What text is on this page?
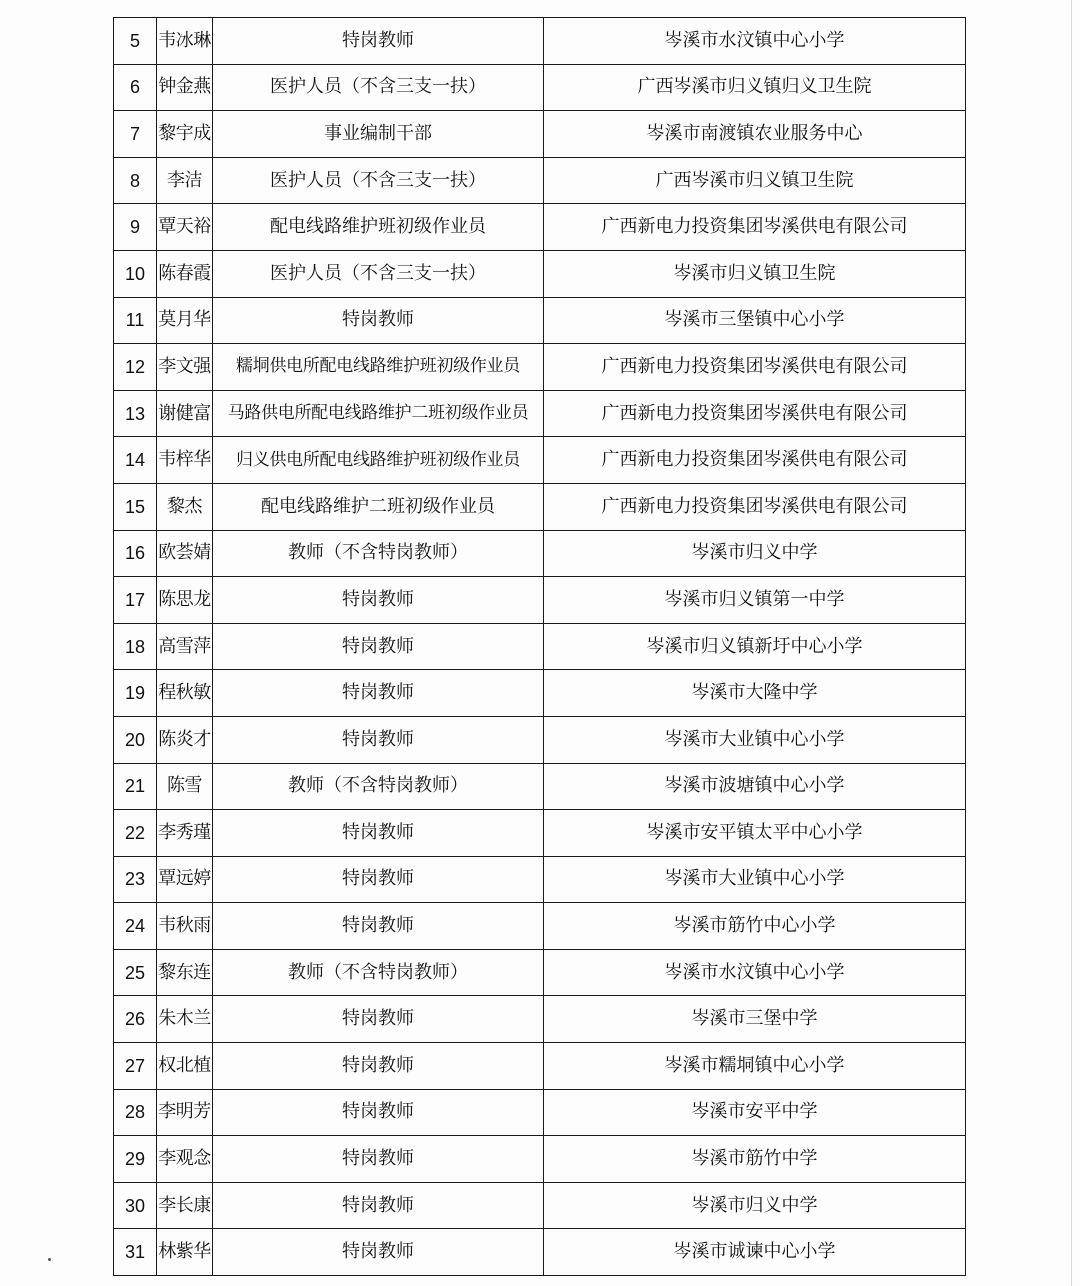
5	韦冰琳	特岗教师	岑溪市水汶镇中心小学
6	钟金燕	医护人员（不含三支一扶）	广西岑溪市归义镇归义卫生院
7	黎宇成	事业编制干部	岑溪市南渡镇农业服务中心
8	李洁	医护人员（不含三支一扶）	广西岑溪市归义镇卫生院
9	覃天裕	配电线路维护班初级作业员	广西新电力投资集团岑溪供电有限公司
10	陈春霞	医护人员（不含三支一扶）	岑溪市归义镇卫生院
11	莫月华	特岗教师	岑溪市三堡镇中心小学
12	李文强	糯垌供电所配电线路维护班初级作业员	广西新电力投资集团岑溪供电有限公司
13	谢健富	马路供电所配电线路维护二班初级作业员	广西新电力投资集团岑溪供电有限公司
14	韦梓华	归义供电所配电线路维护班初级作业员	广西新电力投资集团岑溪供电有限公司
15	黎杰	配电线路维护二班初级作业员	广西新电力投资集团岑溪供电有限公司
16	欧荟婧	教师（不含特岗教师）	岑溪市归义中学
17	陈思龙	特岗教师	岑溪市归义镇第一中学
18	高雪萍	特岗教师	岑溪市归义镇新圩中心小学
19	程秋敏	特岗教师	岑溪市大隆中学
20	陈炎才	特岗教师	岑溪市大业镇中心小学
21	陈雪	教师（不含特岗教师）	岑溪市波塘镇中心小学
22	李秀瑾	特岗教师	岑溪市安平镇太平中心小学
23	覃远婷	特岗教师	岑溪市大业镇中心小学
24	韦秋雨	特岗教师	岑溪市筋竹中心小学
25	黎东连	教师（不含特岗教师）	岑溪市水汶镇中心小学
26	朱木兰	特岗教师	岑溪市三堡中学
27	权北植	特岗教师	岑溪市糯垌镇中心小学
28	李明芳	特岗教师	岑溪市安平中学
29	李观念	特岗教师	岑溪市筋竹中学
30	李长康	特岗教师	岑溪市归义中学
31	林紫华	特岗教师	岑溪市诚谏中心小学
